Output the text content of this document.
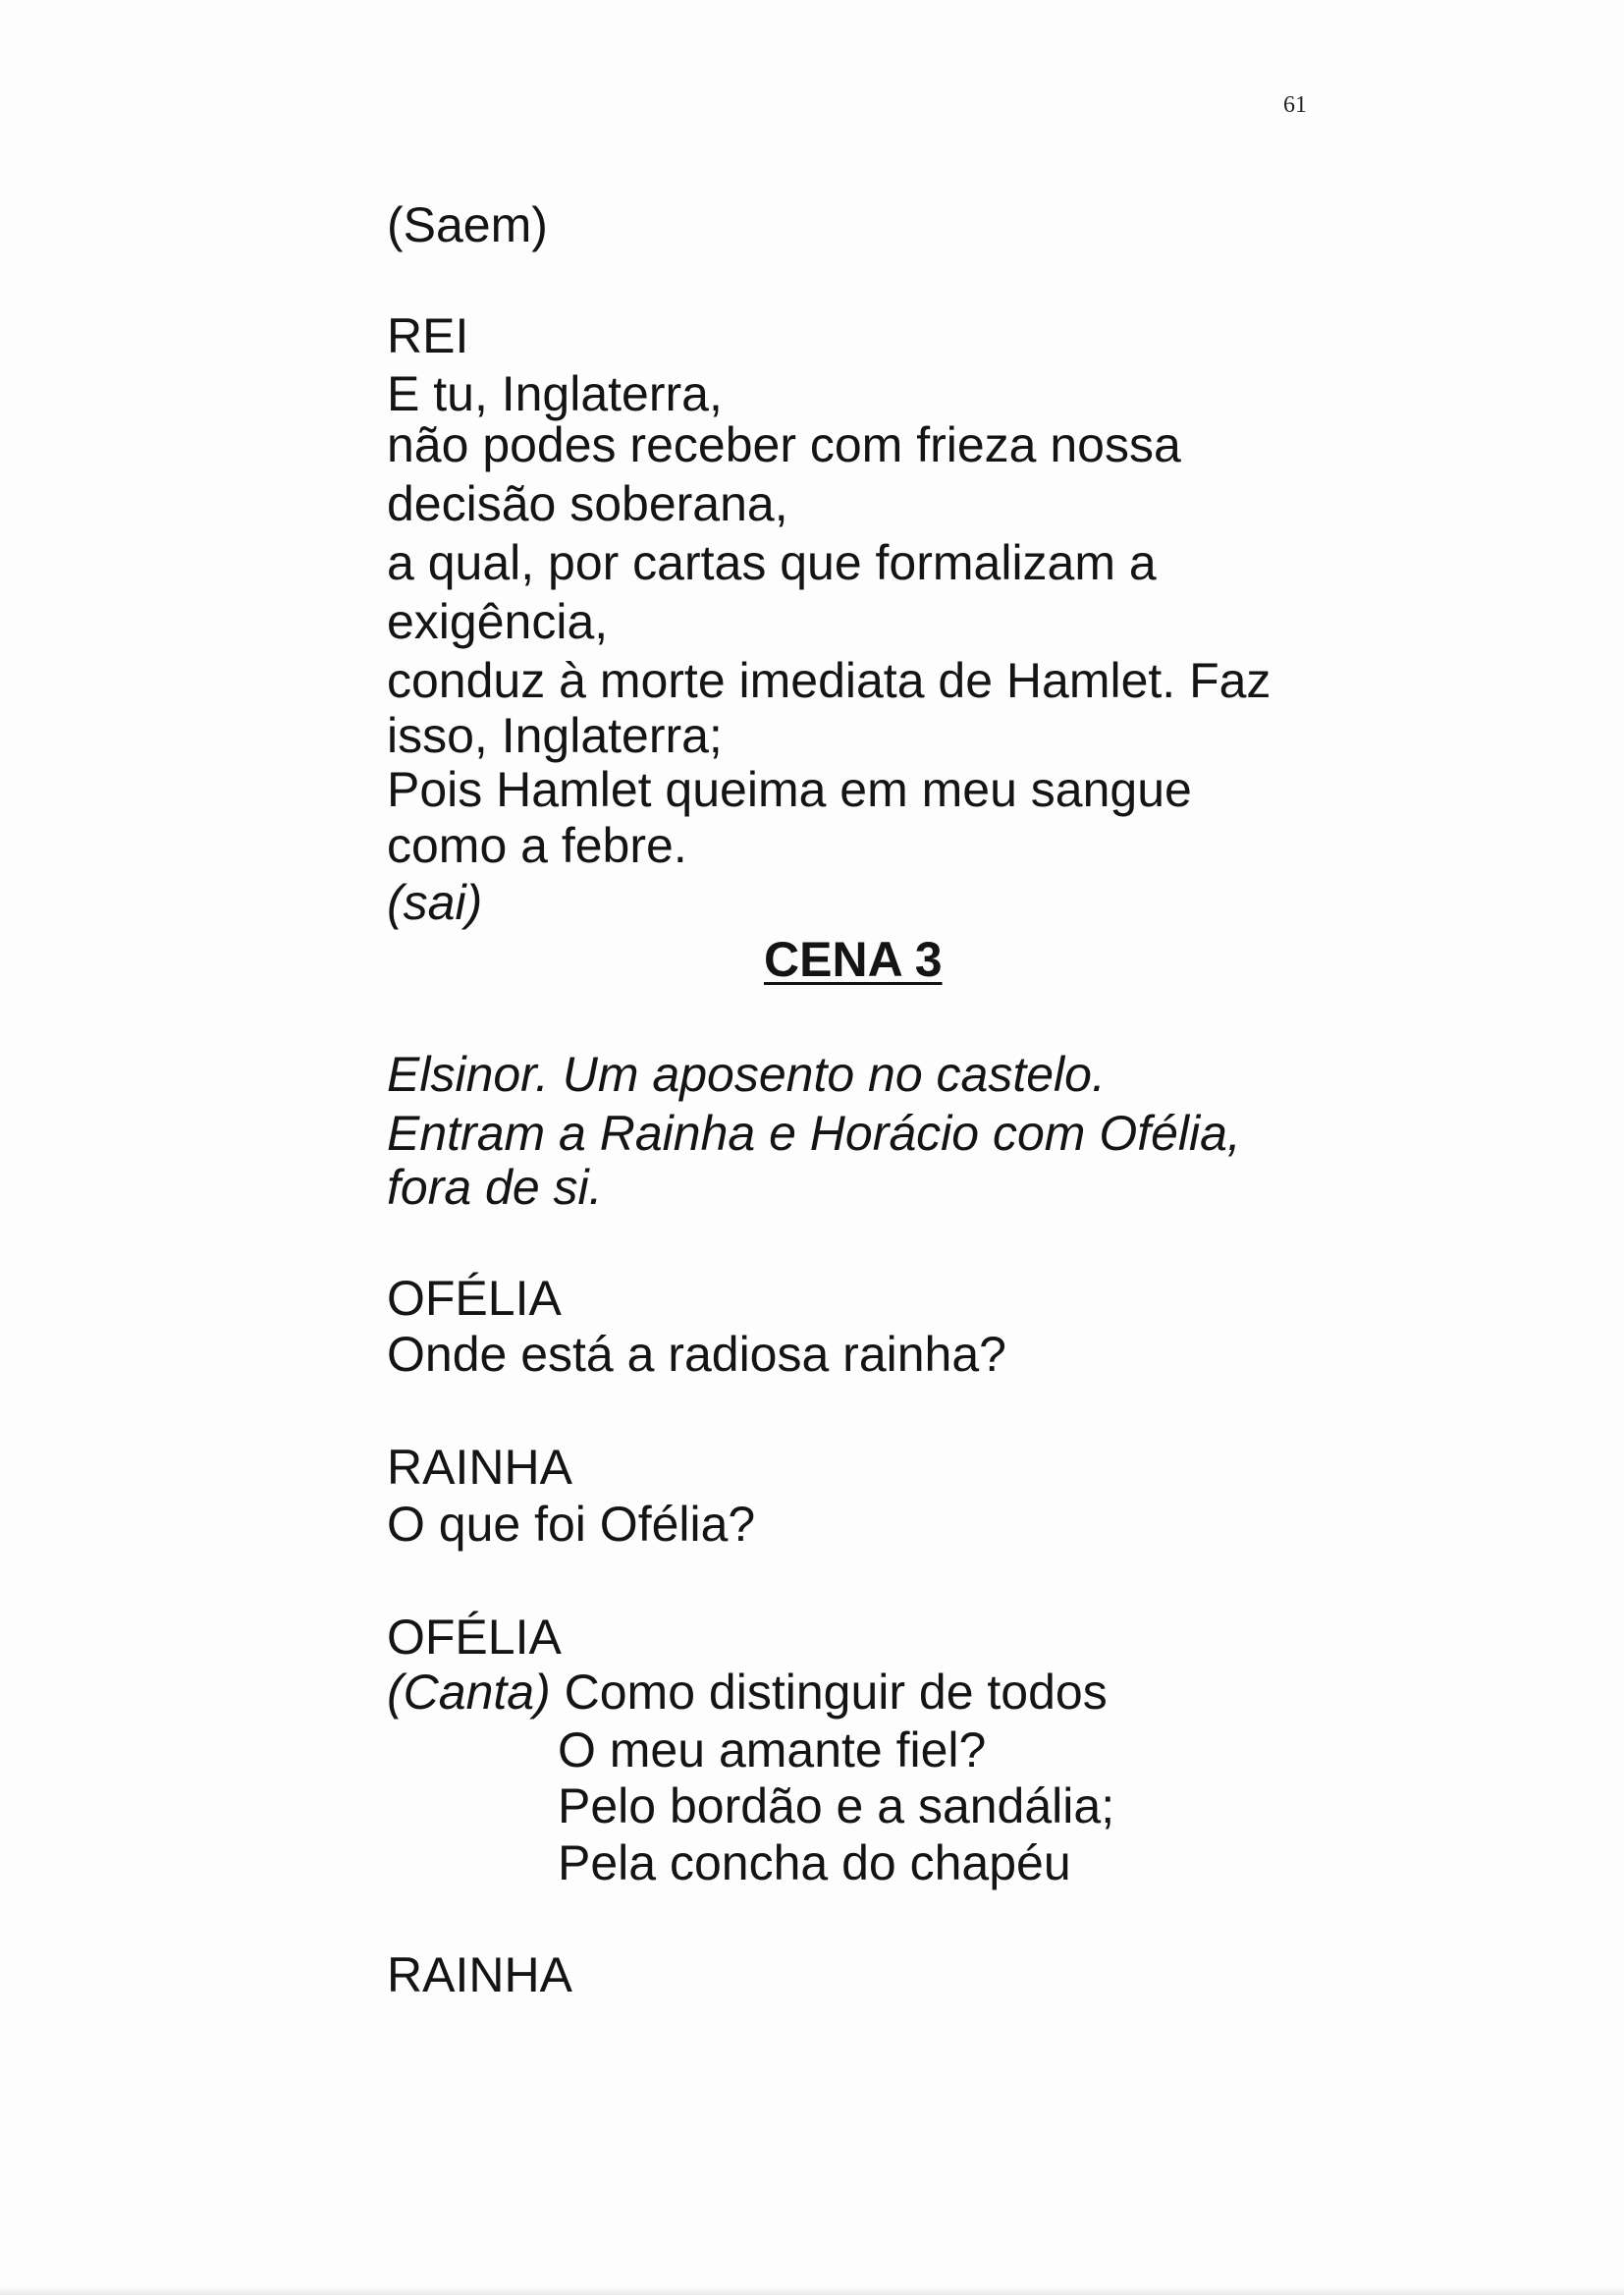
61
(Saem)
REI
E tu, Inglaterra,
não podes receber com frieza nossa
decisão soberana,
a qual, por cartas que formalizam a
exigência,
conduz à morte imediata de Hamlet. Faz
isso, Inglaterra;
Pois Hamlet queima em meu sangue
como a febre.
(sai)
CENA 3
Elsinor. Um aposento no castelo.
Entram a Rainha e Horácio com Ofélia,
fora de si.
OFÉLIA
Onde está a radiosa rainha?
RAINHA
O que foi Ofélia?
OFÉLIA
(Canta) Como distinguir de todos
O meu amante fiel?
Pelo bordão e a sandália;
Pela concha do chapéu
RAINHA
